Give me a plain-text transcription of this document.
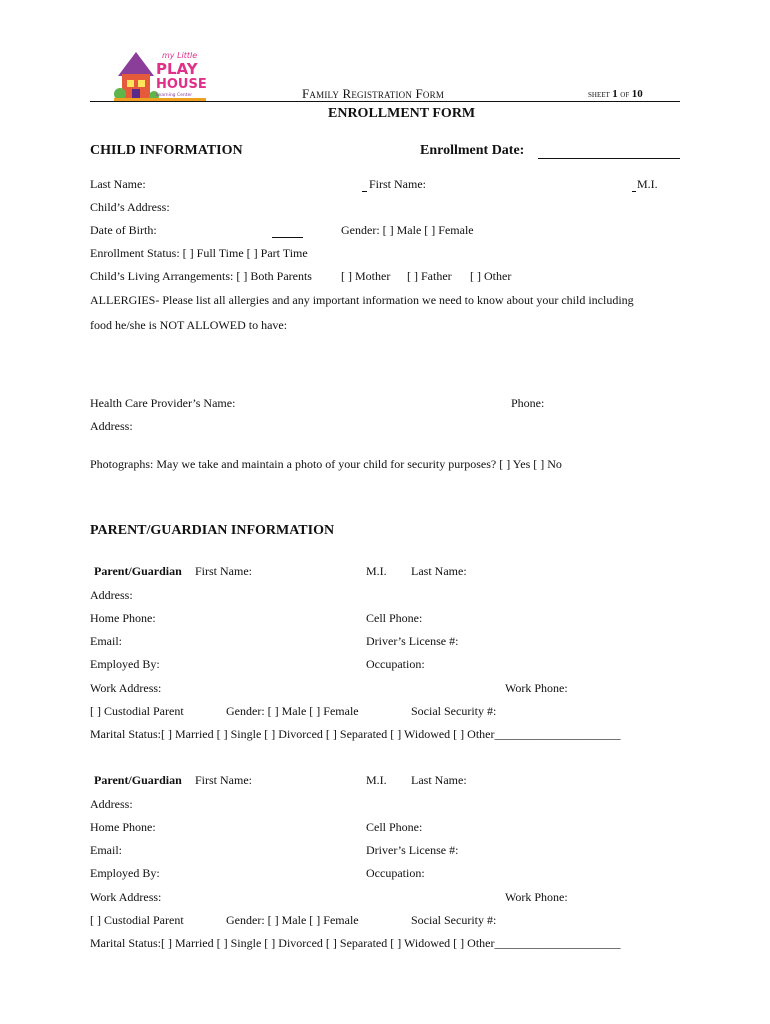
my Little
PLAY
HOUSE
Learning Center	Family Registration Form	sheet 1 of 10
ENROLLMENT FORM
CHILD INFORMATION	Enrollment Date:
Last Name:	First Name:	M.I.
Child’s Address:
Date of Birth:	Gender: [ ] Male [ ] Female
Enrollment Status: [ ] Full Time [ ] Part Time
Child’s Living Arrangements: [ ] Both Parents [ ] Mother [ ] Father [ ] Other
ALLERGIES- Please list all allergies and any important information we need to know about your child including
food he/she is NOT ALLOWED to have:
Health Care Provider’s Name:	Phone:
Address:
Photographs: May we take and maintain a photo of your child for security purposes? [ ] Yes [ ] No
PARENT/GUARDIAN INFORMATION
Parent/Guardian First Name:	M.I. Last Name:
Address:
Home Phone:	Cell Phone:
Email:	Driver’s License #:
Employed By:	Occupation:
Work Address:	Work Phone:
[ ] Custodial Parent	Gender: [ ] Male [ ] Female	Social Security #:
Marital Status:[ ] Married [ ] Single [ ] Divorced [ ] Separated [ ] Widowed [ ] Other_____________________
Parent/Guardian First Name:	M.I. Last Name:
Address:
Home Phone:	Cell Phone:
Email:	Driver’s License #:
Employed By:	Occupation:
Work Address:	Work Phone:
[ ] Custodial Parent	Gender: [ ] Male [ ] Female	Social Security #:
Marital Status:[ ] Married [ ] Single [ ] Divorced [ ] Separated [ ] Widowed [ ] Other_____________________
